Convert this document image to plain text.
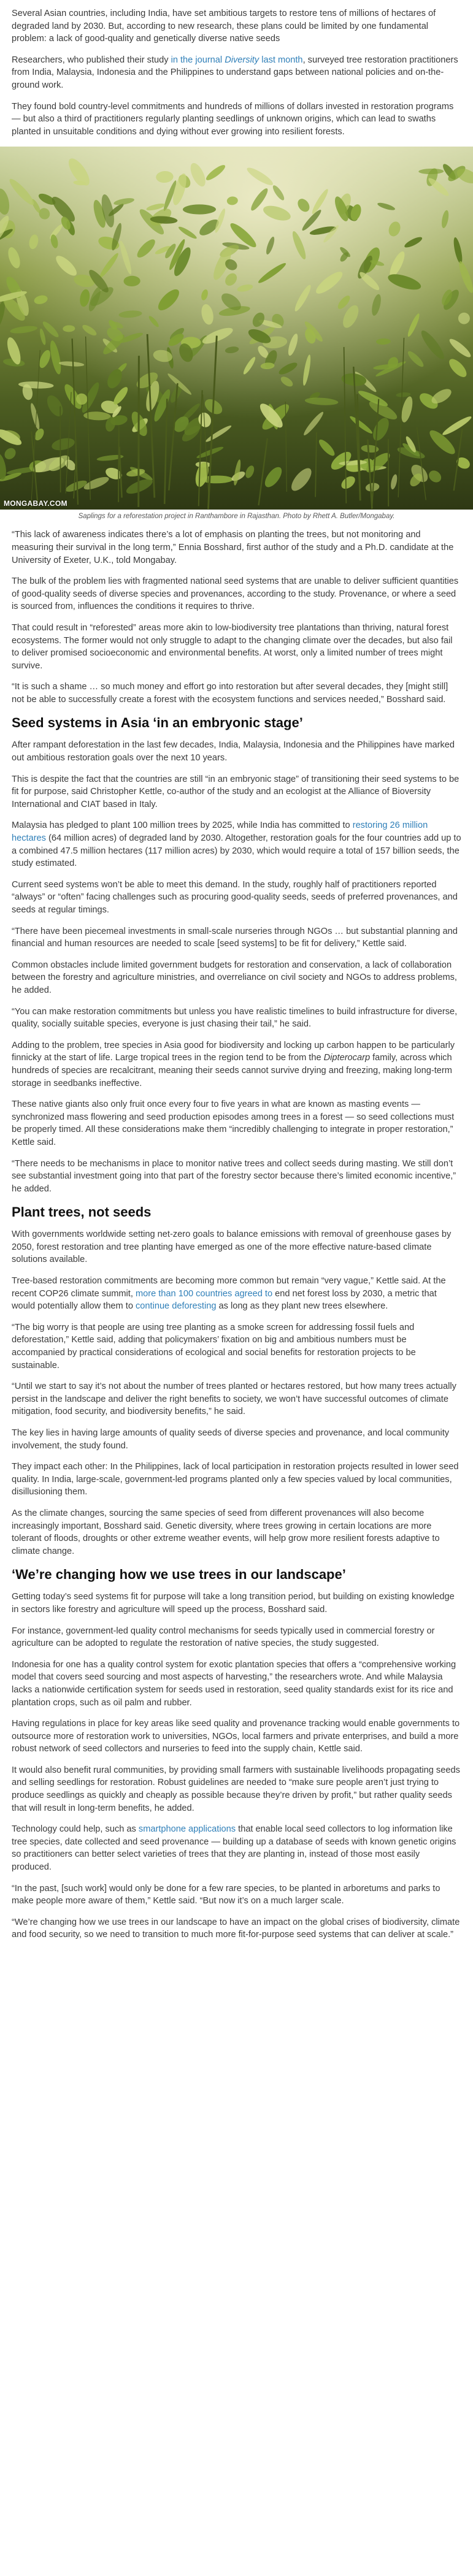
Several Asian countries, including India, have set ambitious targets to restore tens of millions of hectares of degraded land by 2030. But, according to new research, these plans could be limited by one fundamental problem: a lack of good-quality and genetically diverse native seeds

Researchers, who published their study in the journal Diversity last month, surveyed tree restoration practitioners from India, Malaysia, Indonesia and the Philippines to understand gaps between national policies and on-the-ground work.

They found bold country-level commitments and hundreds of millions of dollars invested in restoration programs — but also a third of practitioners regularly planting seedlings of unknown origins, which can lead to swaths planted in unsuitable conditions and dying without ever growing into resilient forests.

MONGABAY.COM
Saplings for a reforestation project in Ranthambore in Rajasthan. Photo by Rhett A. Butler/Mongabay.

“This lack of awareness indicates there’s a lot of emphasis on planting the trees, but not monitoring and measuring their survival in the long term,” Ennia Bosshard, first author of the study and a Ph.D. candidate at the University of Exeter, U.K., told Mongabay.

The bulk of the problem lies with fragmented national seed systems that are unable to deliver sufficient quantities of good-quality seeds of diverse species and provenances, according to the study. Provenance, or where a seed is sourced from, influences the conditions it requires to thrive.

That could result in “reforested” areas more akin to low-biodiversity tree plantations than thriving, natural forest ecosystems. The former would not only struggle to adapt to the changing climate over the decades, but also fail to deliver promised socioeconomic and environmental benefits. At worst, only a limited number of trees might survive.

“It is such a shame … so much money and effort go into restoration but after several decades, they [might still] not be able to successfully create a forest with the ecosystem functions and services needed,” Bosshard said.

Seed systems in Asia ‘in an embryonic stage’

After rampant deforestation in the last few decades, India, Malaysia, Indonesia and the Philippines have marked out ambitious restoration goals over the next 10 years.

This is despite the fact that the countries are still “in an embryonic stage” of transitioning their seed systems to be fit for purpose, said Christopher Kettle, co-author of the study and an ecologist at the Alliance of Bioversity International and CIAT based in Italy.

Malaysia has pledged to plant 100 million trees by 2025, while India has committed to restoring 26 million hectares (64 million acres) of degraded land by 2030. Altogether, restoration goals for the four countries add up to a combined 47.5 million hectares (117 million acres) by 2030, which would require a total of 157 billion seeds, the study estimated.

Current seed systems won’t be able to meet this demand. In the study, roughly half of practitioners reported “always” or “often” facing challenges such as procuring good-quality seeds, seeds of preferred provenances, and seeds at regular timings.

“There have been piecemeal investments in small-scale nurseries through NGOs … but substantial planning and financial and human resources are needed to scale [seed systems] to be fit for delivery,” Kettle said.

Common obstacles include limited government budgets for restoration and conservation, a lack of collaboration between the forestry and agriculture ministries, and overreliance on civil society and NGOs to address problems, he added.

“You can make restoration commitments but unless you have realistic timelines to build infrastructure for diverse, quality, socially suitable species, everyone is just chasing their tail,” he said.

Adding to the problem, tree species in Asia good for biodiversity and locking up carbon happen to be particularly finnicky at the start of life. Large tropical trees in the region tend to be from the Dipterocarp family, across which hundreds of species are recalcitrant, meaning their seeds cannot survive drying and freezing, making long-term storage in seedbanks ineffective.

These native giants also only fruit once every four to five years in what are known as masting events — synchronized mass flowering and seed production episodes among trees in a forest — so seed collections must be properly timed. All these considerations make them “incredibly challenging to integrate in proper restoration,” Kettle said.

“There needs to be mechanisms in place to monitor native trees and collect seeds during masting. We still don’t see substantial investment going into that part of the forestry sector because there’s limited economic incentive,” he added.

Plant trees, not seeds

With governments worldwide setting net-zero goals to balance emissions with removal of greenhouse gases by 2050, forest restoration and tree planting have emerged as one of the more effective nature-based climate solutions available.

Tree-based restoration commitments are becoming more common but remain “very vague,” Kettle said. At the recent COP26 climate summit, more than 100 countries agreed to end net forest loss by 2030, a metric that would potentially allow them to continue deforesting as long as they plant new trees elsewhere.

“The big worry is that people are using tree planting as a smoke screen for addressing fossil fuels and deforestation,” Kettle said, adding that policymakers’ fixation on big and ambitious numbers must be accompanied by practical considerations of ecological and social benefits for restoration projects to be sustainable.

“Until we start to say it’s not about the number of trees planted or hectares restored, but how many trees actually persist in the landscape and deliver the right benefits to society, we won’t have successful outcomes of climate mitigation, food security, and biodiversity benefits,” he said.

The key lies in having large amounts of quality seeds of diverse species and provenance, and local community involvement, the study found.

They impact each other: In the Philippines, lack of local participation in restoration projects resulted in lower seed quality. In India, large-scale, government-led programs planted only a few species valued by local communities, disillusioning them.

As the climate changes, sourcing the same species of seed from different provenances will also become increasingly important, Bosshard said. Genetic diversity, where trees growing in certain locations are more tolerant of floods, droughts or other extreme weather events, will help grow more resilient forests adaptive to climate change.

‘We’re changing how we use trees in our landscape’

Getting today’s seed systems fit for purpose will take a long transition period, but building on existing knowledge in sectors like forestry and agriculture will speed up the process, Bosshard said.

For instance, government-led quality control mechanisms for seeds typically used in commercial forestry or agriculture can be adopted to regulate the restoration of native species, the study suggested.

Indonesia for one has a quality control system for exotic plantation species that offers a “comprehensive working model that covers seed sourcing and most aspects of harvesting,” the researchers wrote. And while Malaysia lacks a nationwide certification system for seeds used in restoration, seed quality standards exist for its rice and plantation crops, such as oil palm and rubber.

Having regulations in place for key areas like seed quality and provenance tracking would enable governments to outsource more of restoration work to universities, NGOs, local farmers and private enterprises, and build a more robust network of seed collectors and nurseries to feed into the supply chain, Kettle said.

It would also benefit rural communities, by providing small farmers with sustainable livelihoods propagating seeds and selling seedlings for restoration. Robust guidelines are needed to “make sure people aren’t just trying to produce seedlings as quickly and cheaply as possible because they’re driven by profit,” but rather quality seeds that will result in long-term benefits, he added.

Technology could help, such as smartphone applications that enable local seed collectors to log information like tree species, date collected and seed provenance — building up a database of seeds with known genetic origins so practitioners can better select varieties of trees that they are planting in, instead of those most easily produced.

“In the past, [such work] would only be done for a few rare species, to be planted in arboretums and parks to make people more aware of them,” Kettle said. “But now it’s on a much larger scale.

“We’re changing how we use trees in our landscape to have an impact on the global crises of biodiversity, climate and food security, so we need to transition to much more fit-for-purpose seed systems that can deliver at scale.”
